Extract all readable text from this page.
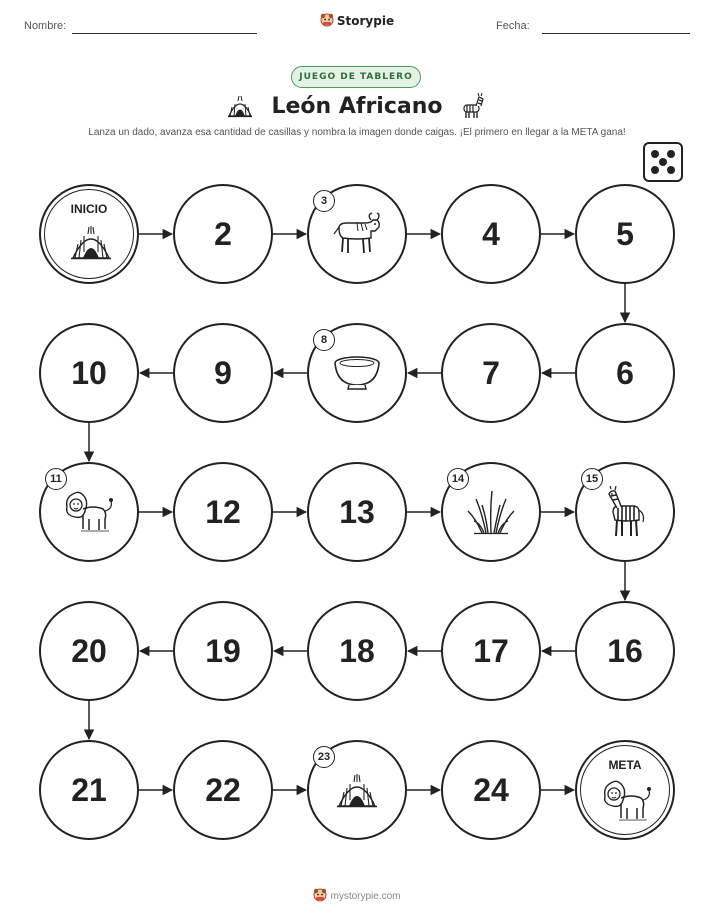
Nombre:	Storypie	Fecha:
JUEGO DE TABLERO
León Africano
Lanza un dado, avanza esa cantidad de casillas y nombra la imagen donde caigas. ¡El primero en llegar a la META gana!
INICIO
2
3
4	5
6
7
8
9
10
11
12	13
14	15
16
17
18
19
20
21	22
23
24
META
mystorypie.com
